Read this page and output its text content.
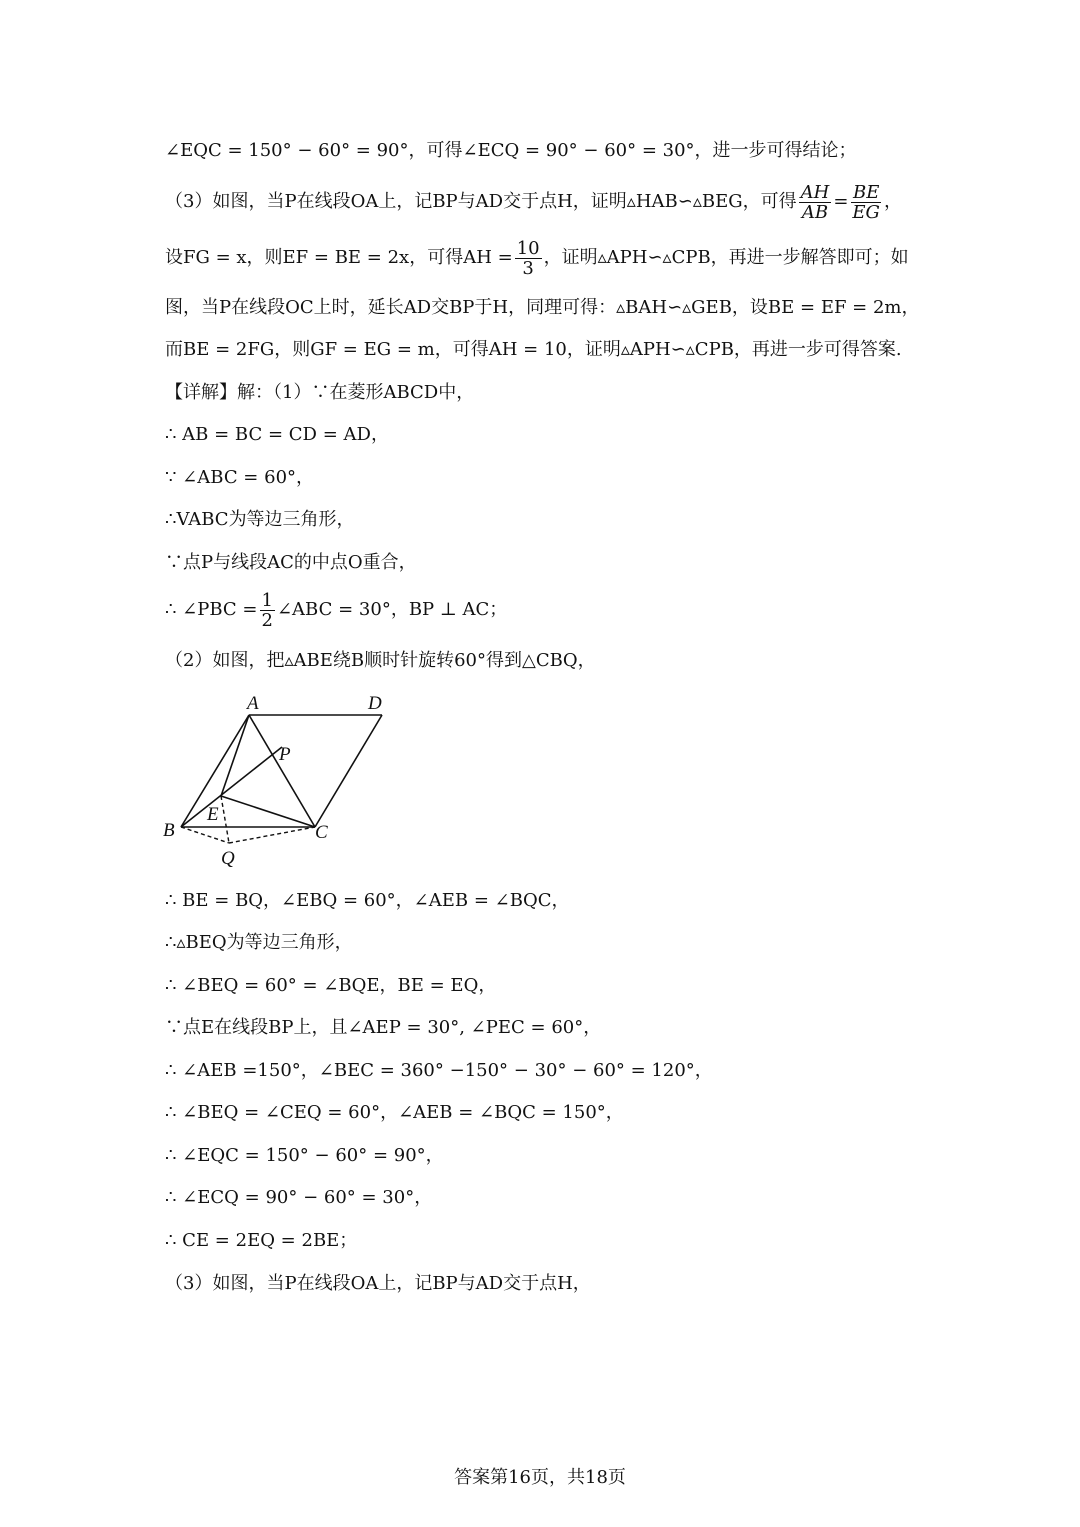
∠EQC = 150° − 60° = 90°，可得∠ECQ = 90° − 60° = 30°，进一步可得结论；
（3）如图，当P在线段OA上，记BP与AD交于点H，证明▵HAB∽▵BEG，可得 $\frac{AH}{AB} = \frac{BE}{EG}$ ，
设FG = x，则EF = BE = 2x，可得AH = $\frac{10}{3}$ ，证明▵APH∽▵CPB，再进一步解答即可；如
图，当P在线段OC上时，延长AD交BP于H，同理可得：▵BAH∽▵GEB，设BE = EF = 2m，
而BE = 2FG，则GF = EG = m，可得AH = 10，证明▵APH∽▵CPB，再进一步可得答案.
【详解】解：（1）∵在菱形ABCD中，
∴ AB = BC = CD = AD，
∵ ∠ABC = 60°，
∴VABC为等边三角形，
∵点P与线段AC的中点O重合，
∴ ∠PBC = $\frac{1}{2}$ ∠ABC = 30°，BP ⊥ AC；
（2）如图，把▵ABE绕B顺时针旋转60°得到△CBQ，
A	D
P
E
B	C
Q
∴ BE = BQ，∠EBQ = 60°，∠AEB = ∠BQC，
∴▵BEQ为等边三角形，
∴ ∠BEQ = 60° = ∠BQE，BE = EQ，
∵点E在线段BP上，且∠AEP = 30°, ∠PEC = 60°，
∴ ∠AEB =150°，∠BEC = 360° −150° − 30° − 60° = 120°，
∴ ∠BEQ = ∠CEQ = 60°，∠AEB = ∠BQC = 150°，
∴ ∠EQC = 150° − 60° = 90°，
∴ ∠ECQ = 90° − 60° = 30°，
∴ CE = 2EQ = 2BE；
（3）如图，当P在线段OA上，记BP与AD交于点H，
答案第16页，共18页
